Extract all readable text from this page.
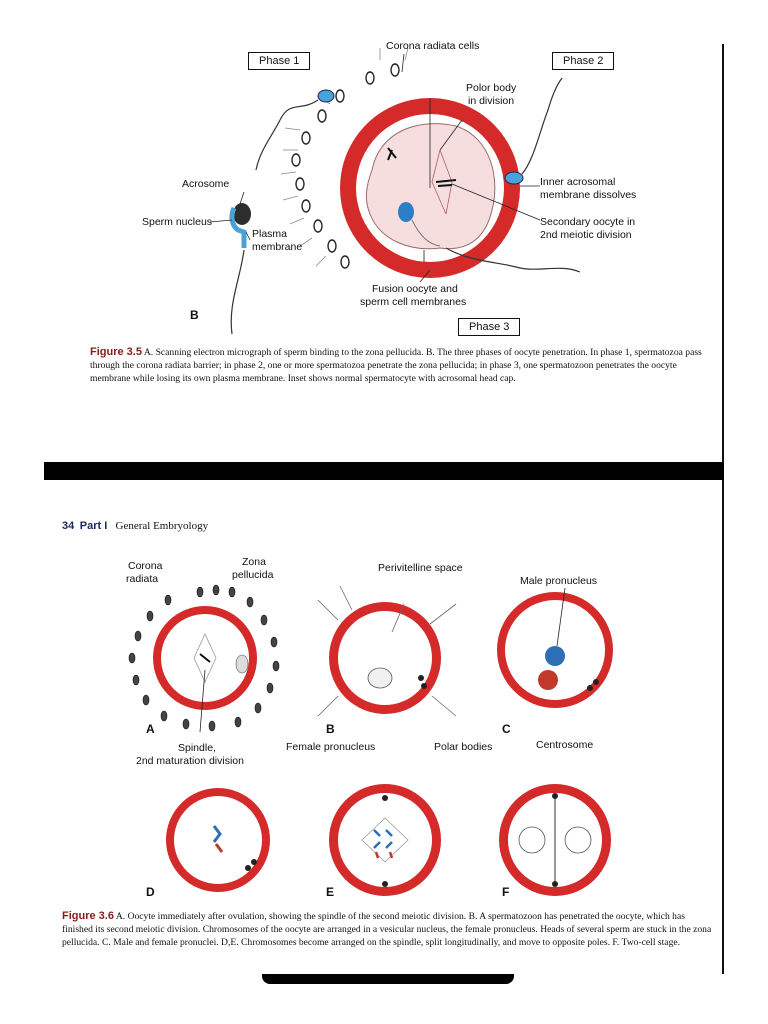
Phase 1	Phase 2
Phase 3
Corona radiata cells
Polor body
in division
Acrosome
Sperm nucleus
Plasma
membrane
Inner acrosomal
membrane dissolves
Secondary oocyte in
2nd meiotic division
Fusion oocyte and
sperm cell membranes
B
Figure 3.5 A. Scanning electron micrograph of sperm binding to the zona pellucida. B. The three phases of oocyte penetration. In phase 1, spermatozoa pass through the corona radiata barrier; in phase 2, one or more spermatozoa penetrate the zona pellucida; in phase 3, one spermatozoon penetrates the oocyte membrane while losing its own plasma membrane. Inset shows normal spermatocyte with acrosomal head cap.
34 Part I General Embryology
Corona
radiata
Zona
pellucida
Perivitelline space
Male pronucleus
Spindle,
2nd maturation division
Female pronucleus	Polar bodies	Centrosome
A	B	C
D	E	F
Figure 3.6 A. Oocyte immediately after ovulation, showing the spindle of the second meiotic division. B. A spermatozoon has penetrated the oocyte, which has finished its second meiotic division. Chromosomes of the oocyte are arranged in a vesicular nucleus, the female pronucleus. Heads of several sperm are stuck in the zona pellucida. C. Male and female pronuclei. D,E. Chromosomes become arranged on the spindle, split longitudinally, and move to opposite poles. F. Two-cell stage.
